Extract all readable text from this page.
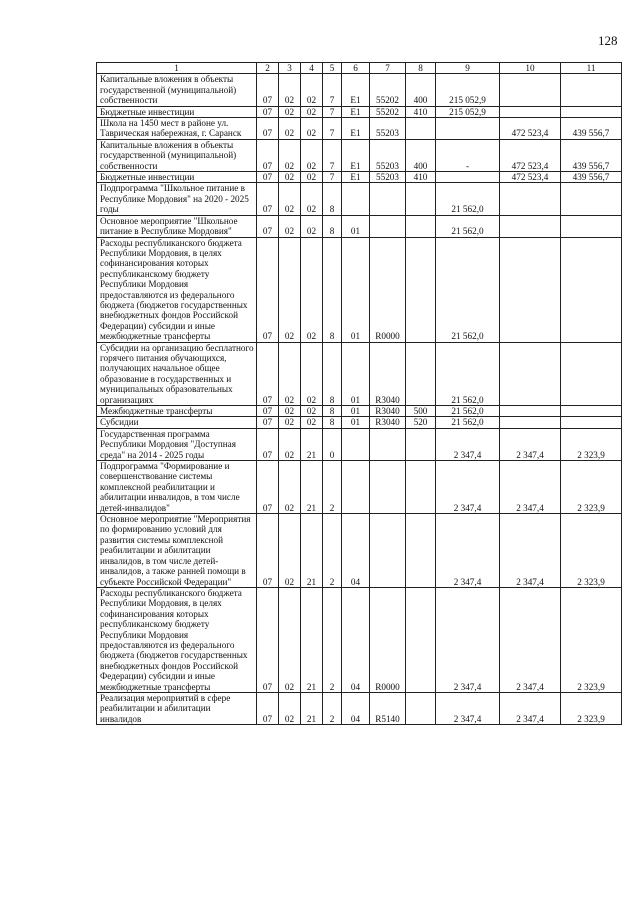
128
1	2	3	4	5	6	7	8	9	10	11
Капитальные вложения в объекты государственной (муниципальной) собственности	07	02	02	7	E1	55202	400	215 052,9		
Бюджетные инвестиции	07	02	02	7	E1	55202	410	215 052,9		
Школа на 1450 мест в районе ул. Таврическая набережная, г. Саранск	07	02	02	7	E1	55203			472 523,4	439 556,7
Капитальные вложения в объекты государственной (муниципальной) собственности	07	02	02	7	E1	55203	400	-	472 523,4	439 556,7
Бюджетные инвестиции	07	02	02	7	E1	55203	410		472 523,4	439 556,7
Подпрограмма "Школьное питание в Республике Мордовия" на 2020 - 2025 годы	07	02	02	8				21 562,0		
Основное мероприятие "Школьное питание в Республике Мордовия"	07	02	02	8	01			21 562,0		
Расходы республиканского бюджета Республики Мордовия, в целях софинансирования которых республиканскому бюджету Республики Мордовия предоставляются из федерального бюджета (бюджетов государственных внебюджетных фондов Российской Федерации) субсидии и иные межбюджетные трансферты	07	02	02	8	01	R0000		21 562,0		
Субсидии на организацию бесплатного горячего питания обучающихся, получающих начальное общее образование в государственных и муниципальных образовательных организациях	07	02	02	8	01	R3040		21 562,0		
Межбюджетные трансферты	07	02	02	8	01	R3040	500	21 562,0		
Субсидии	07	02	02	8	01	R3040	520	21 562,0		
Государственная программа Республики Мордовия "Доступная среда" на 2014 - 2025 годы	07	02	21	0				2 347,4	2 347,4	2 323,9
Подпрограмма "Формирование и совершенствование системы комплексной реабилитации и абилитации инвалидов, в том числе детей-инвалидов"	07	02	21	2				2 347,4	2 347,4	2 323,9
Основное мероприятие "Мероприятия по формированию условий для развития системы комплексной реабилитации и абилитации инвалидов, в том числе детей-инвалидов, а также ранней помощи в субъекте Российской Федерации"	07	02	21	2	04			2 347,4	2 347,4	2 323,9
Расходы республиканского бюджета Республики Мордовия, в целях софинансирования которых республиканскому бюджету Республики Мордовия предоставляются из федерального бюджета (бюджетов государственных внебюджетных фондов Российской Федерации) субсидии и иные межбюджетные трансферты	07	02	21	2	04	R0000		2 347,4	2 347,4	2 323,9
Реализация мероприятий в сфере реабилитации и абилитации инвалидов	07	02	21	2	04	R5140		2 347,4	2 347,4	2 323,9
